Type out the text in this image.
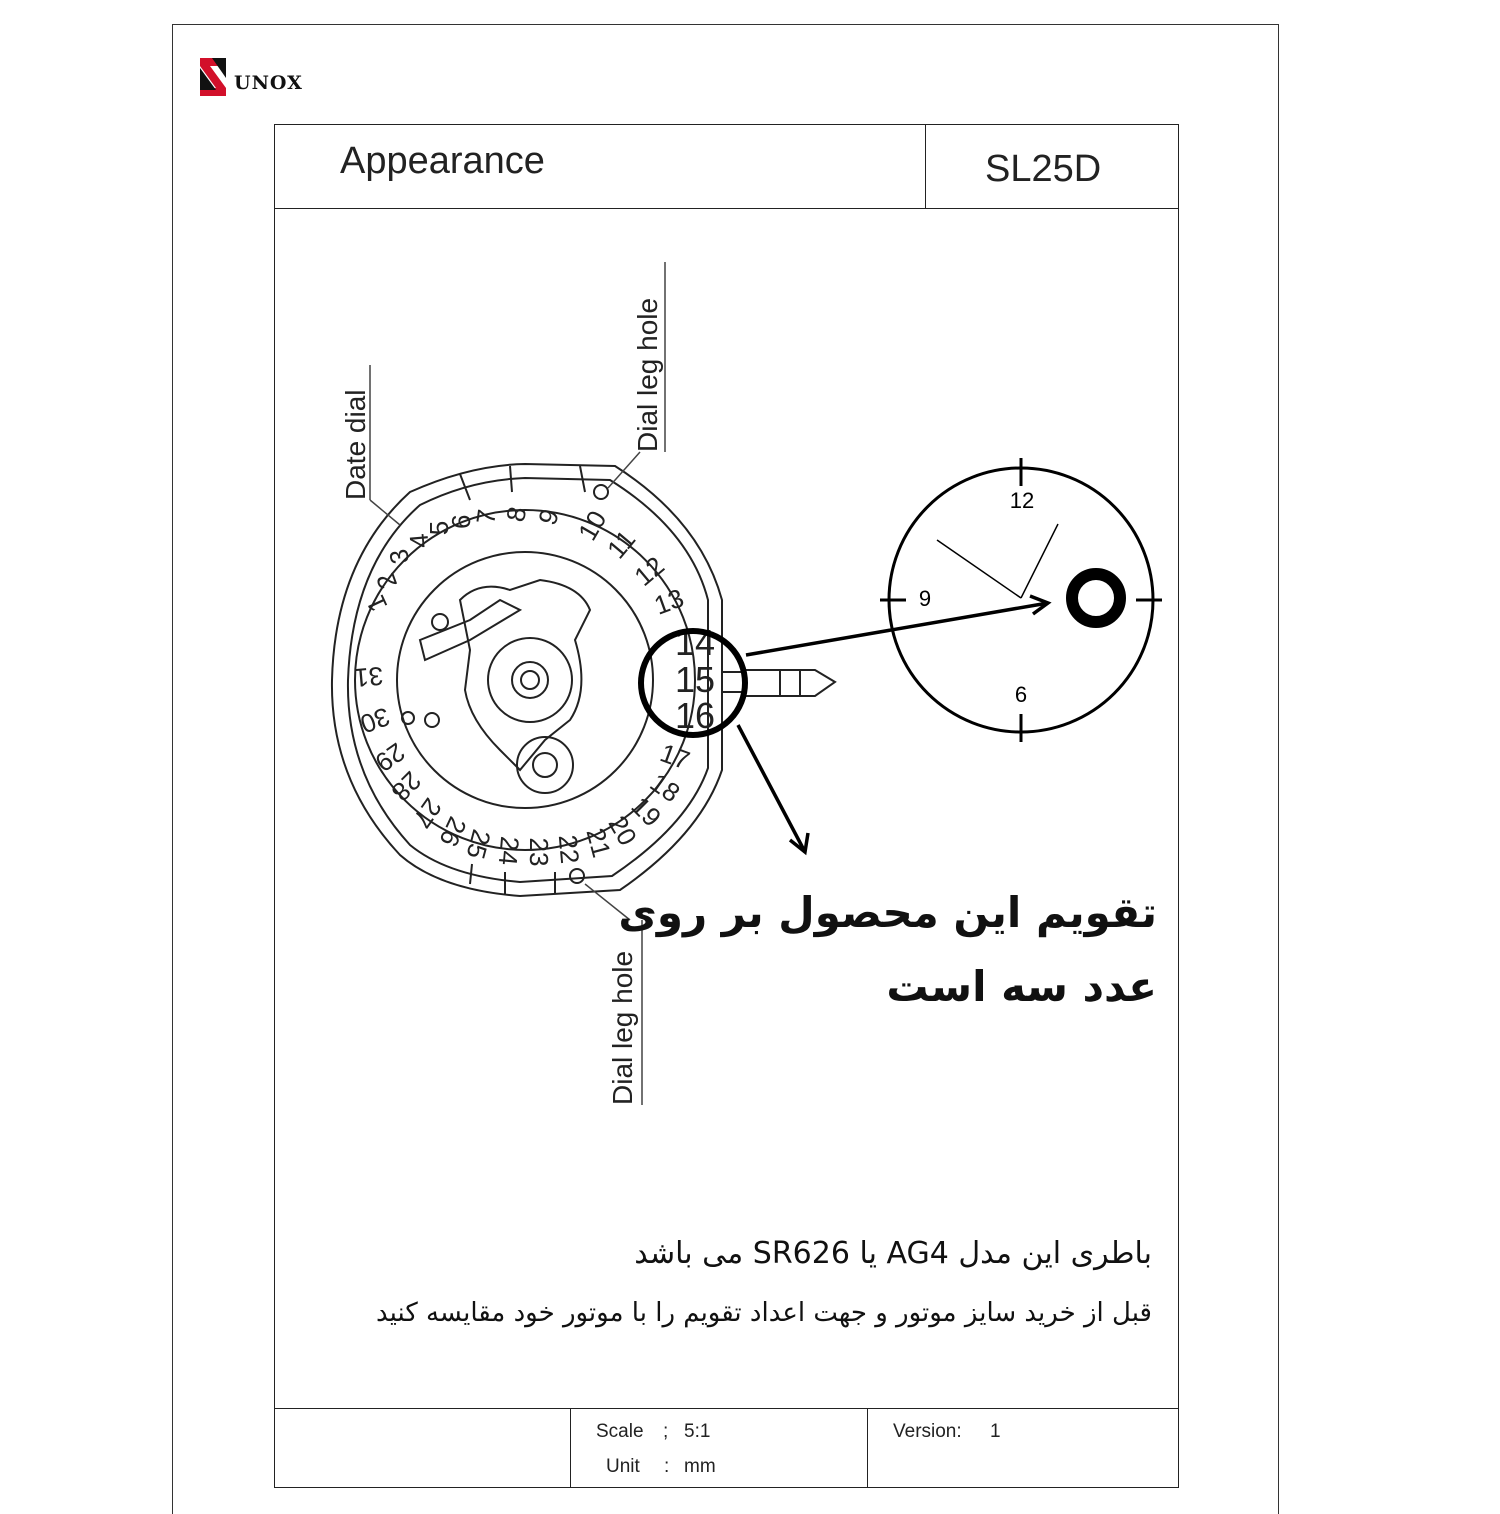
UNOX
Appearance	SL25D
1
2
3
4
5
6
7
8 9 10
11
12
13
14
15
16
17
18
19
20
21
22
23
24
25
26
27
28
29
30
31
Date dial	Dial leg hole
Dial leg hole
12
9
6
تقویم این محصول بر روی
عدد سه است
باطری این مدل AG4 یا SR626 می باشد
قبل از خرید سایز موتور و جهت اعداد تقویم را با موتور خود مقایسه کنید
Scale ; 5:1
Unit : mm
Version: 1
